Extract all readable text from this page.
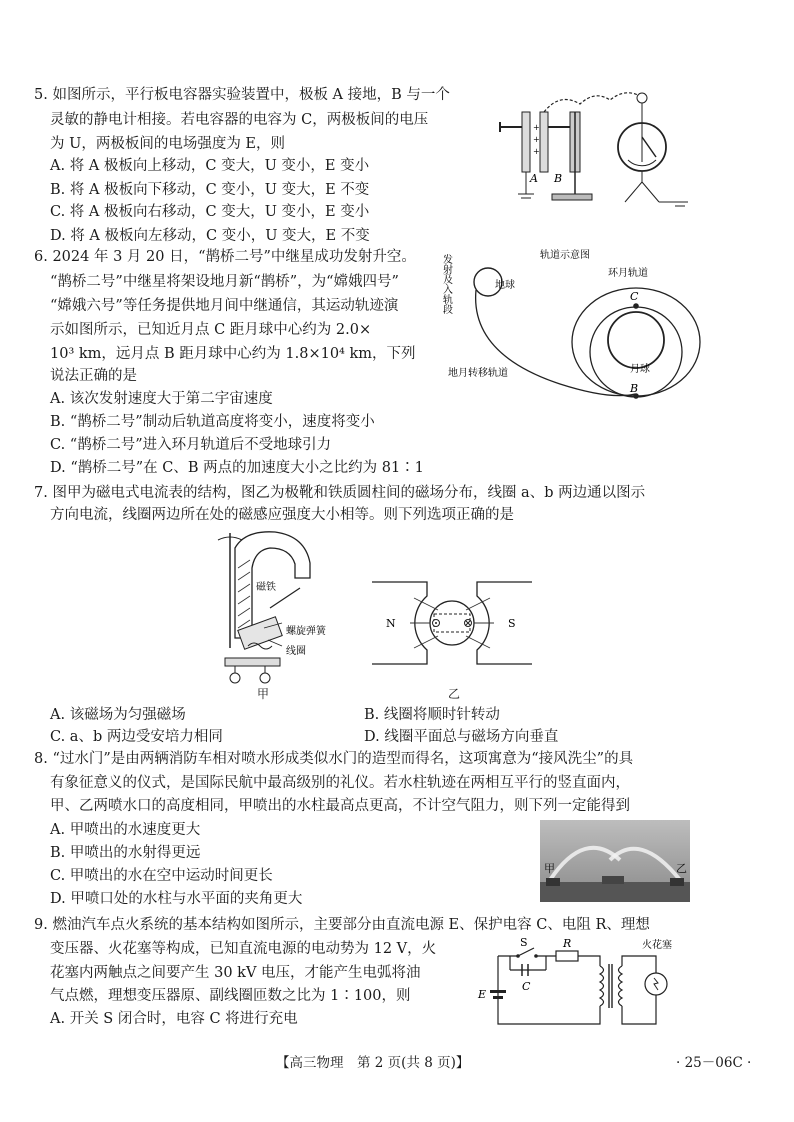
5. 如图所示，平行板电容器实验装置中，极板 A 接地，B 与一个
灵敏的静电计相接。若电容器的电容为 C，两极板间的电压
为 U，两极板间的电场强度为 E，则
A. 将 A 极板向上移动，C 变大，U 变小，E 变小
B. 将 A 极板向下移动，C 变小，U 变大，E 不变
C. 将 A 极板向右移动，C 变大，U 变小，E 变小
D. 将 A 极板向左移动，C 变小，U 变大，E 不变
+
+
+
A B
6. 2024 年 3 月 20 日，“鹊桥二号”中继星成功发射升空。
“鹊桥二号”中继星将架设地月新“鹊桥”，为“嫦娥四号”
“嫦娥六号”等任务提供地月间中继通信，其运动轨迹演
示如图所示，已知近月点 C 距月球中心约为 2.0×
10³ km，远月点 B 距月球中心约为 1.8×10⁴ km，下列
说法正确的是
A. 该次发射速度大于第二宇宙速度
B. “鹊桥二号”制动后轨道高度将变小，速度将变小
C. “鹊桥二号”进入环月轨道后不受地球引力
D. “鹊桥二号”在 C、B 两点的加速度大小之比约为 81∶1
轨道示意图
发射及入轨段	地球
C
B
环月轨道
月球
地月转移轨道
7. 图甲为磁电式电流表的结构，图乙为极靴和铁质圆柱间的磁场分布，线圈 a、b 两边通以图示
方向电流，线圈两边所在处的磁感应强度大小相等。则下列选项正确的是
磁铁
螺旋弹簧
线圈
甲
N	S
乙
A. 该磁场为匀强磁场	B. 线圈将顺时针转动
C. a、b 两边受安培力相同	D. 线圈平面总与磁场方向垂直
8. “过水门”是由两辆消防车相对喷水形成类似水门的造型而得名，这项寓意为“接风洗尘”的具
有象征意义的仪式，是国际民航中最高级别的礼仪。若水柱轨迹在两相互平行的竖直面内，
甲、乙两喷水口的高度相同，甲喷出的水柱最高点更高，不计空气阻力，则下列一定能得到
A. 甲喷出的水速度更大
B. 甲喷出的水射得更远
C. 甲喷出的水在空中运动时间更长
D. 甲喷口处的水柱与水平面的夹角更大
甲	乙
9. 燃油汽车点火系统的基本结构如图所示，主要部分由直流电源 E、保护电容 C、电阻 R、理想
变压器、火花塞等构成，已知直流电源的电动势为 12 V，火
花塞内两触点之间要产生 30 kV 电压，才能产生电弧将油
气点燃，理想变压器原、副线圈匝数之比为 1∶100，则
A. 开关 S 闭合时，电容 C 将进行充电
E
S	R
C
火花塞
【高三物理　第 2 页(共 8 页)】	· 25－06C ·
